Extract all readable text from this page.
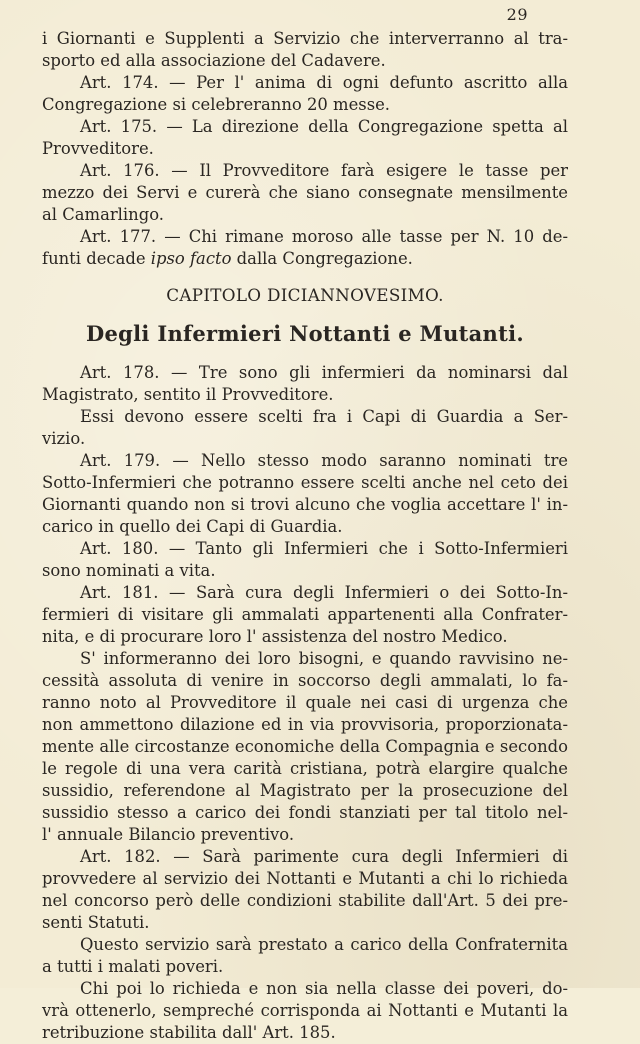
29
i Giornanti e Supplenti a Servizio che interverranno al tra-
sporto ed alla associazione del Cadavere.
Art. 174. — Per l' anima di ogni defunto ascritto alla
Congregazione si celebreranno 20 messe.
Art. 175. — La direzione della Congregazione spetta al
Provveditore.
Art. 176. — Il Provveditore farà esigere le tasse per
mezzo dei Servi e curerà che siano consegnate mensilmente
al Camarlingo.
Art. 177. — Chi rimane moroso alle tasse per N. 10 de-
funti decade ipso facto dalla Congregazione.
CAPITOLO DICIANNOVESIMO.
Degli Infermieri Nottanti e Mutanti.
Art. 178. — Tre sono gli infermieri da nominarsi dal
Magistrato, sentito il Provveditore.
Essi devono essere scelti fra i Capi di Guardia a Ser-
vizio.
Art. 179. — Nello stesso modo saranno nominati tre
Sotto-Infermieri che potranno essere scelti anche nel ceto dei
Giornanti quando non si trovi alcuno che voglia accettare l' in-
carico in quello dei Capi di Guardia.
Art. 180. — Tanto gli Infermieri che i Sotto-Infermieri
sono nominati a vita.
Art. 181. — Sarà cura degli Infermieri o dei Sotto-In-
fermieri di visitare gli ammalati appartenenti alla Confrater-
nita, e di procurare loro l' assistenza del nostro Medico.
S' informeranno dei loro bisogni, e quando ravvisino ne-
cessità assoluta di venire in soccorso degli ammalati, lo fa-
ranno noto al Provveditore il quale nei casi di urgenza che
non ammettono dilazione ed in via provvisoria, proporzionata-
mente alle circostanze economiche della Compagnia e secondo
le regole di una vera carità cristiana, potrà elargire qualche
sussidio, referendone al Magistrato per la prosecuzione del
sussidio stesso a carico dei fondi stanziati per tal titolo nel-
l' annuale Bilancio preventivo.
Art. 182. — Sarà parimente cura degli Infermieri di
provvedere al servizio dei Nottanti e Mutanti a chi lo richieda
nel concorso però delle condizioni stabilite dall'Art. 5 dei pre-
senti Statuti.
Questo servizio sarà prestato a carico della Confraternita
a tutti i malati poveri.
Chi poi lo richieda e non sia nella classe dei poveri, do-
vrà ottenerlo, sempreché corrisponda ai Nottanti e Mutanti la
retribuzione stabilita dall' Art. 185.
